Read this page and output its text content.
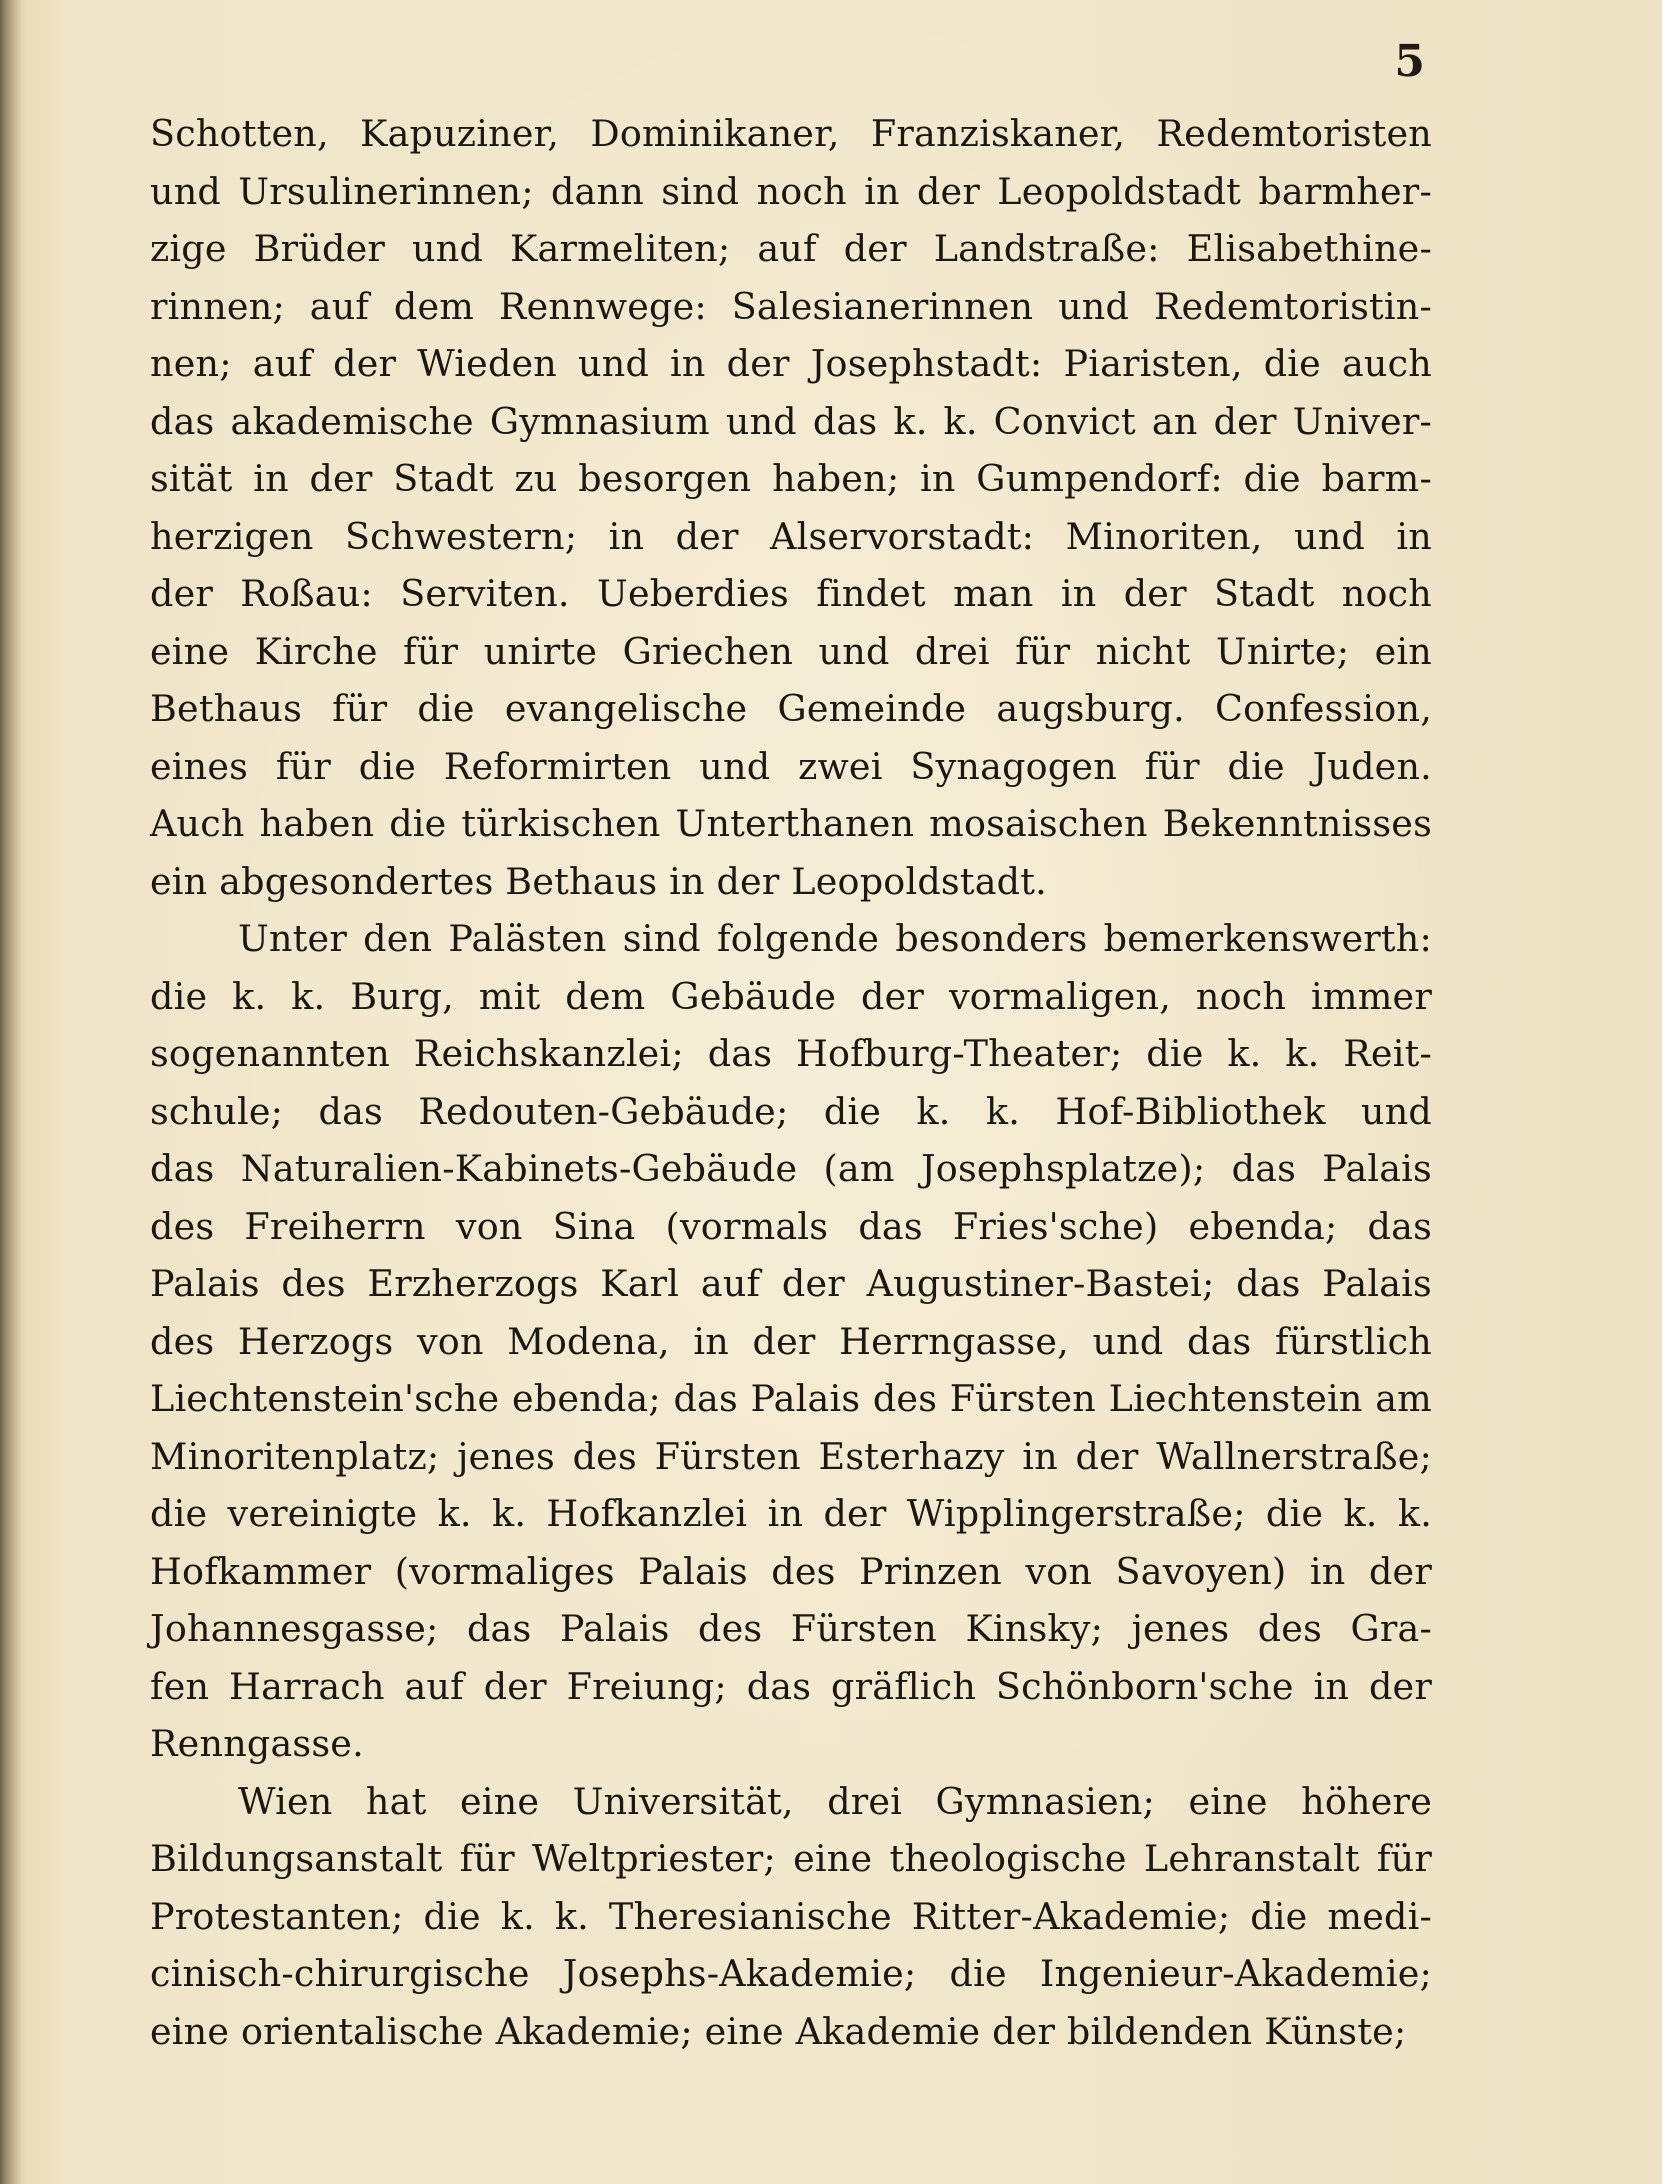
5

Schotten, Kapuziner, Dominikaner, Franziskaner, Redemtoristen
und Ursulinerinnen; dann sind noch in der Leopoldstadt barmher-
zige Brüder und Karmeliten; auf der Landstraße: Elisabethine-
rinnen; auf dem Rennwege: Salesianerinnen und Redemtoristin-
nen; auf der Wieden und in der Josephstadt: Piaristen, die auch
das akademische Gymnasium und das k. k. Convict an der Univer-
sität in der Stadt zu besorgen haben; in Gumpendorf: die barm-
herzigen Schwestern; in der Alservorstadt: Minoriten, und in
der Roßau: Serviten. Ueberdies findet man in der Stadt noch
eine Kirche für unirte Griechen und drei für nicht Unirte; ein
Bethaus für die evangelische Gemeinde augsburg. Confession,
eines für die Reformirten und zwei Synagogen für die Juden.
Auch haben die türkischen Unterthanen mosaischen Bekenntnisses
ein abgesondertes Bethaus in der Leopoldstadt.

Unter den Palästen sind folgende besonders bemerkenswerth:
die k. k. Burg, mit dem Gebäude der vormaligen, noch immer
sogenannten Reichskanzlei; das Hofburg-Theater; die k. k. Reit-
schule; das Redouten-Gebäude; die k. k. Hof-Bibliothek und
das Naturalien-Kabinets-Gebäude (am Josephsplatze); das Palais
des Freiherrn von Sina (vormals das Fries'sche) ebenda; das
Palais des Erzherzogs Karl auf der Augustiner-Bastei; das Palais
des Herzogs von Modena, in der Herrngasse, und das fürstlich
Liechtenstein'sche ebenda; das Palais des Fürsten Liechtenstein am
Minoritenplatz; jenes des Fürsten Esterhazy in der Wallnerstraße;
die vereinigte k. k. Hofkanzlei in der Wipplingerstraße; die k. k.
Hofkammer (vormaliges Palais des Prinzen von Savoyen) in der
Johannesgasse; das Palais des Fürsten Kinsky; jenes des Gra-
fen Harrach auf der Freiung; das gräflich Schönborn'sche in der
Renngasse.

Wien hat eine Universität, drei Gymnasien; eine höhere
Bildungsanstalt für Weltpriester; eine theologische Lehranstalt für
Protestanten; die k. k. Theresianische Ritter-Akademie; die medi-
cinisch-chirurgische Josephs-Akademie; die Ingenieur-Akademie;
eine orientalische Akademie; eine Akademie der bildenden Künste;
